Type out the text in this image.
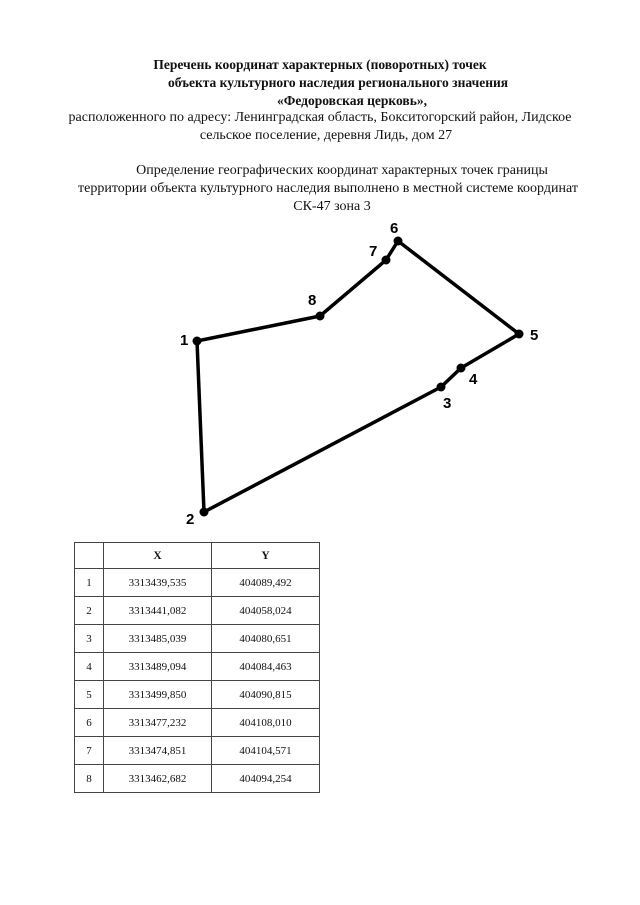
Перечень координат характерных (поворотных) точек
объекта культурного наследия регионального значения
«Федоровская церковь»,
расположенного по адресу: Ленинградская область, Бокситогорский район, Лидское
сельское поселение, деревня Лидь, дом 27
Определение географических координат характерных точек границы
территории объекта культурного наследия выполнено в местной системе координат
СК-47 зона 3
1
2
3
4
5
6
7
8
	X	Y
1	3313439,535	404089,492
2	3313441,082	404058,024
3	3313485,039	404080,651
4	3313489,094	404084,463
5	3313499,850	404090,815
6	3313477,232	404108,010
7	3313474,851	404104,571
8	3313462,682	404094,254
